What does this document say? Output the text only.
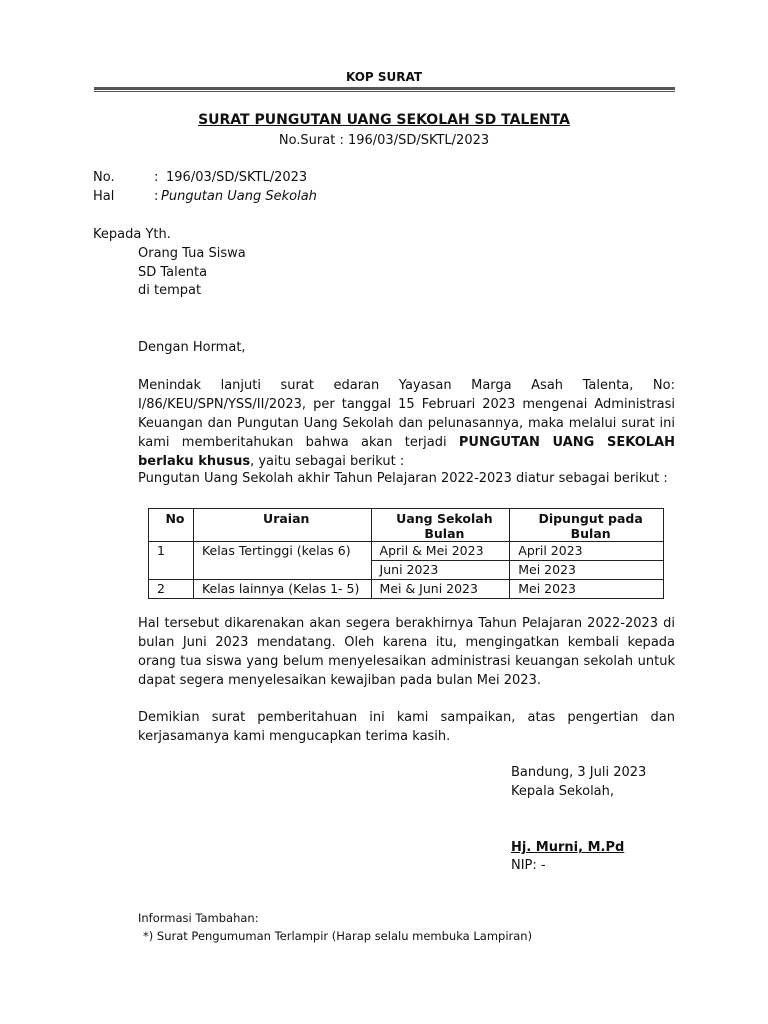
KOP SURAT
SURAT PUNGUTAN UANG SEKOLAH SD TALENTA
No.Surat : 196/03/SD/SKTL/2023
No.	: 196/03/SD/SKTL/2023
Hal	: Pungutan Uang Sekolah
Kepada Yth.
Orang Tua Siswa
SD Talenta
di tempat
Dengan Hormat,
Menindak lanjuti surat edaran Yayasan Marga Asah Talenta, No: I/86/KEU/SPN/YSS/II/2023, per tanggal 15 Februari 2023 mengenai Administrasi Keuangan dan Pungutan Uang Sekolah dan pelunasannya, maka melalui surat ini kami memberitahukan bahwa akan terjadi PUNGUTAN UANG SEKOLAH berlaku khusus, yaitu sebagai berikut :
Pungutan Uang Sekolah akhir Tahun Pelajaran 2022-2023 diatur sebagai berikut :
No	Uraian	Uang Sekolah Bulan	Dipungut pada Bulan
1	Kelas Tertinggi (kelas 6)	April & Mei 2023	April 2023
		Juni 2023	Mei 2023
2	Kelas lainnya (Kelas 1- 5)	Mei & Juni 2023	Mei 2023
Hal tersebut dikarenakan akan segera berakhirnya Tahun Pelajaran 2022-2023 di bulan Juni 2023 mendatang. Oleh karena itu, mengingatkan kembali kepada orang tua siswa yang belum menyelesaikan administrasi keuangan sekolah untuk dapat segera menyelesaikan kewajiban pada bulan Mei 2023.
Demikian surat pemberitahuan ini kami sampaikan, atas pengertian dan kerjasamanya kami mengucapkan terima kasih.
Bandung, 3 Juli 2023
Kepala Sekolah,
Hj. Murni, M.Pd
NIP: -
Informasi Tambahan:
*) Surat Pengumuman Terlampir (Harap selalu membuka Lampiran)
